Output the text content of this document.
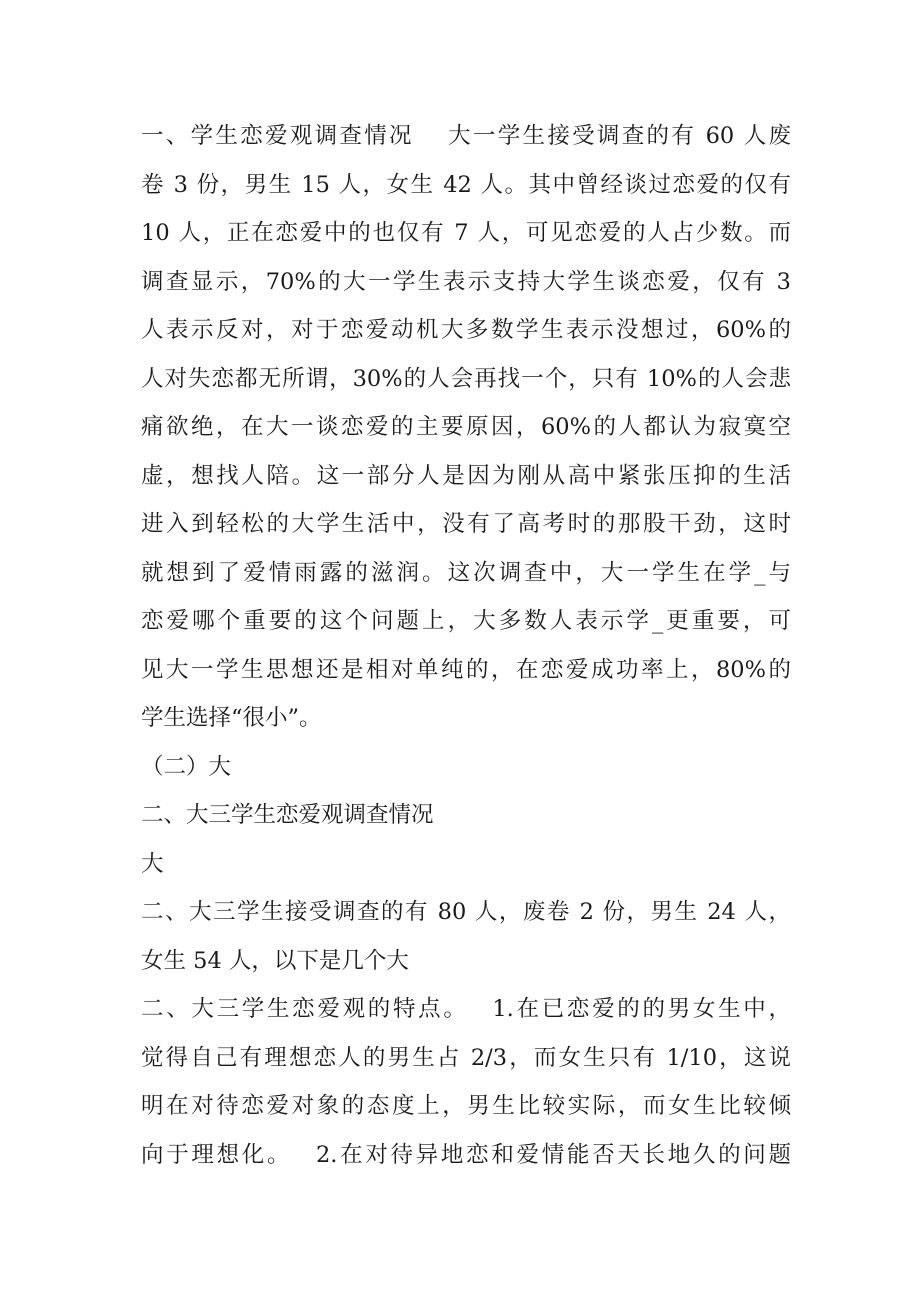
一、学生恋爱观调查情况　 大一学生接受调查的有 60 人废
卷 3 份，男生 15 人，女生 42 人。其中曾经谈过恋爱的仅有
10 人，正在恋爱中的也仅有 7 人，可见恋爱的人占少数。而
调查显示，70%的大一学生表示支持大学生谈恋爱，仅有 3
人表示反对，对于恋爱动机大多数学生表示没想过，60%的
人对失恋都无所谓，30%的人会再找一个，只有 10%的人会悲
痛欲绝，在大一谈恋爱的主要原因，60%的人都认为寂寞空
虚，想找人陪。这一部分人是因为刚从高中紧张压抑的生活
进入到轻松的大学生活中，没有了高考时的那股干劲，这时
就想到了爱情雨露的滋润。这次调查中，大一学生在学_与
恋爱哪个重要的这个问题上，大多数人表示学_更重要，可
见大一学生思想还是相对单纯的，在恋爱成功率上，80%的
学生选择“很小”。
（二）大
二、大三学生恋爱观调查情况
大
二、大三学生接受调查的有 80 人，废卷 2 份，男生 24 人，
女生 54 人，以下是几个大
二、大三学生恋爱观的特点。　 1.在已恋爱的的男女生中，
觉得自己有理想恋人的男生占 2/3，而女生只有 1/10，这说
明在对待恋爱对象的态度上，男生比较实际，而女生比较倾
向于理想化。　 2.在对待异地恋和爱情能否天长地久的问题
